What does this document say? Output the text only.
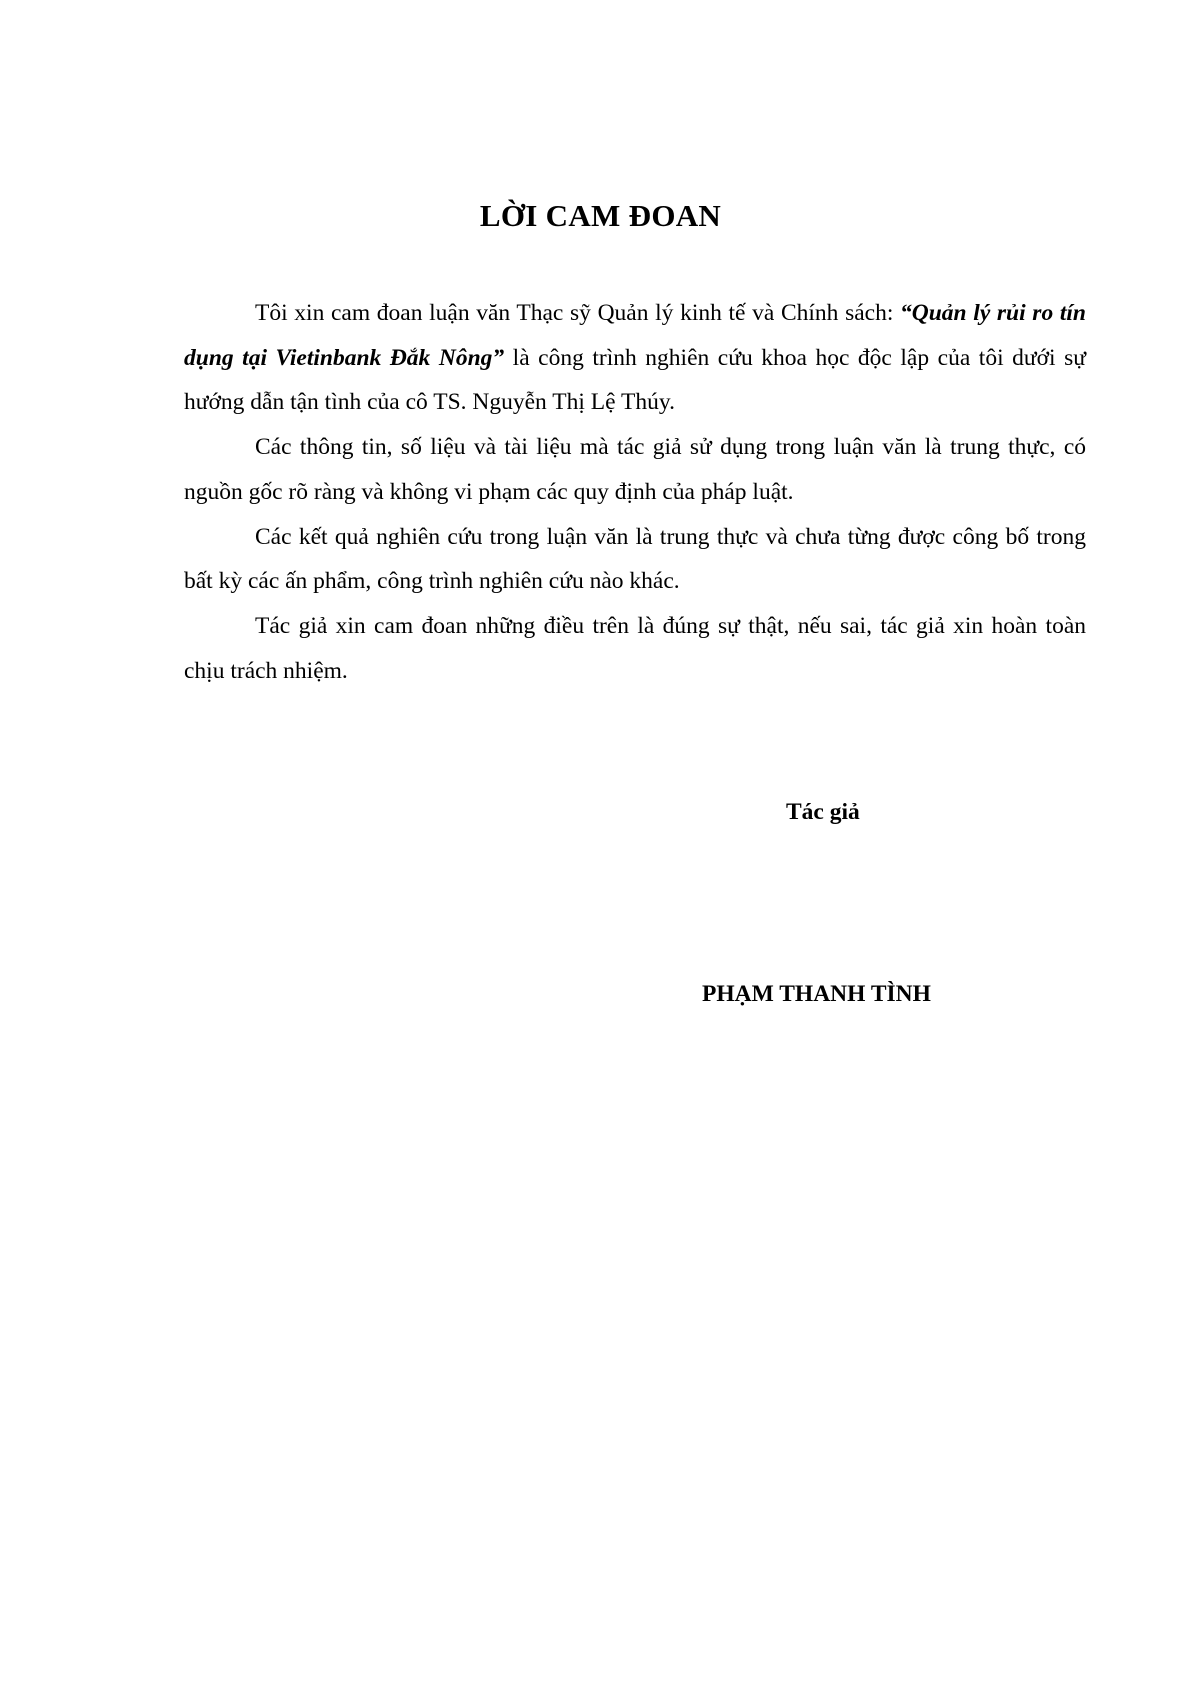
LỜI CAM ĐOAN

Tôi xin cam đoan luận văn Thạc sỹ Quản lý kinh tế và Chính sách: “Quản lý rủi ro tín dụng tại Vietinbank Đắk Nông” là công trình nghiên cứu khoa học độc lập của tôi dưới sự hướng dẫn tận tình của cô TS. Nguyễn Thị Lệ Thúy.

Các thông tin, số liệu và tài liệu mà tác giả sử dụng trong luận văn là trung thực, có nguồn gốc rõ ràng và không vi phạm các quy định của pháp luật.

Các kết quả nghiên cứu trong luận văn là trung thực và chưa từng được công bố trong bất kỳ các ấn phẩm, công trình nghiên cứu nào khác.

Tác giả xin cam đoan những điều trên là đúng sự thật, nếu sai, tác giả xin hoàn toàn chịu trách nhiệm.

Tác giả
PHẠM THANH TÌNH
